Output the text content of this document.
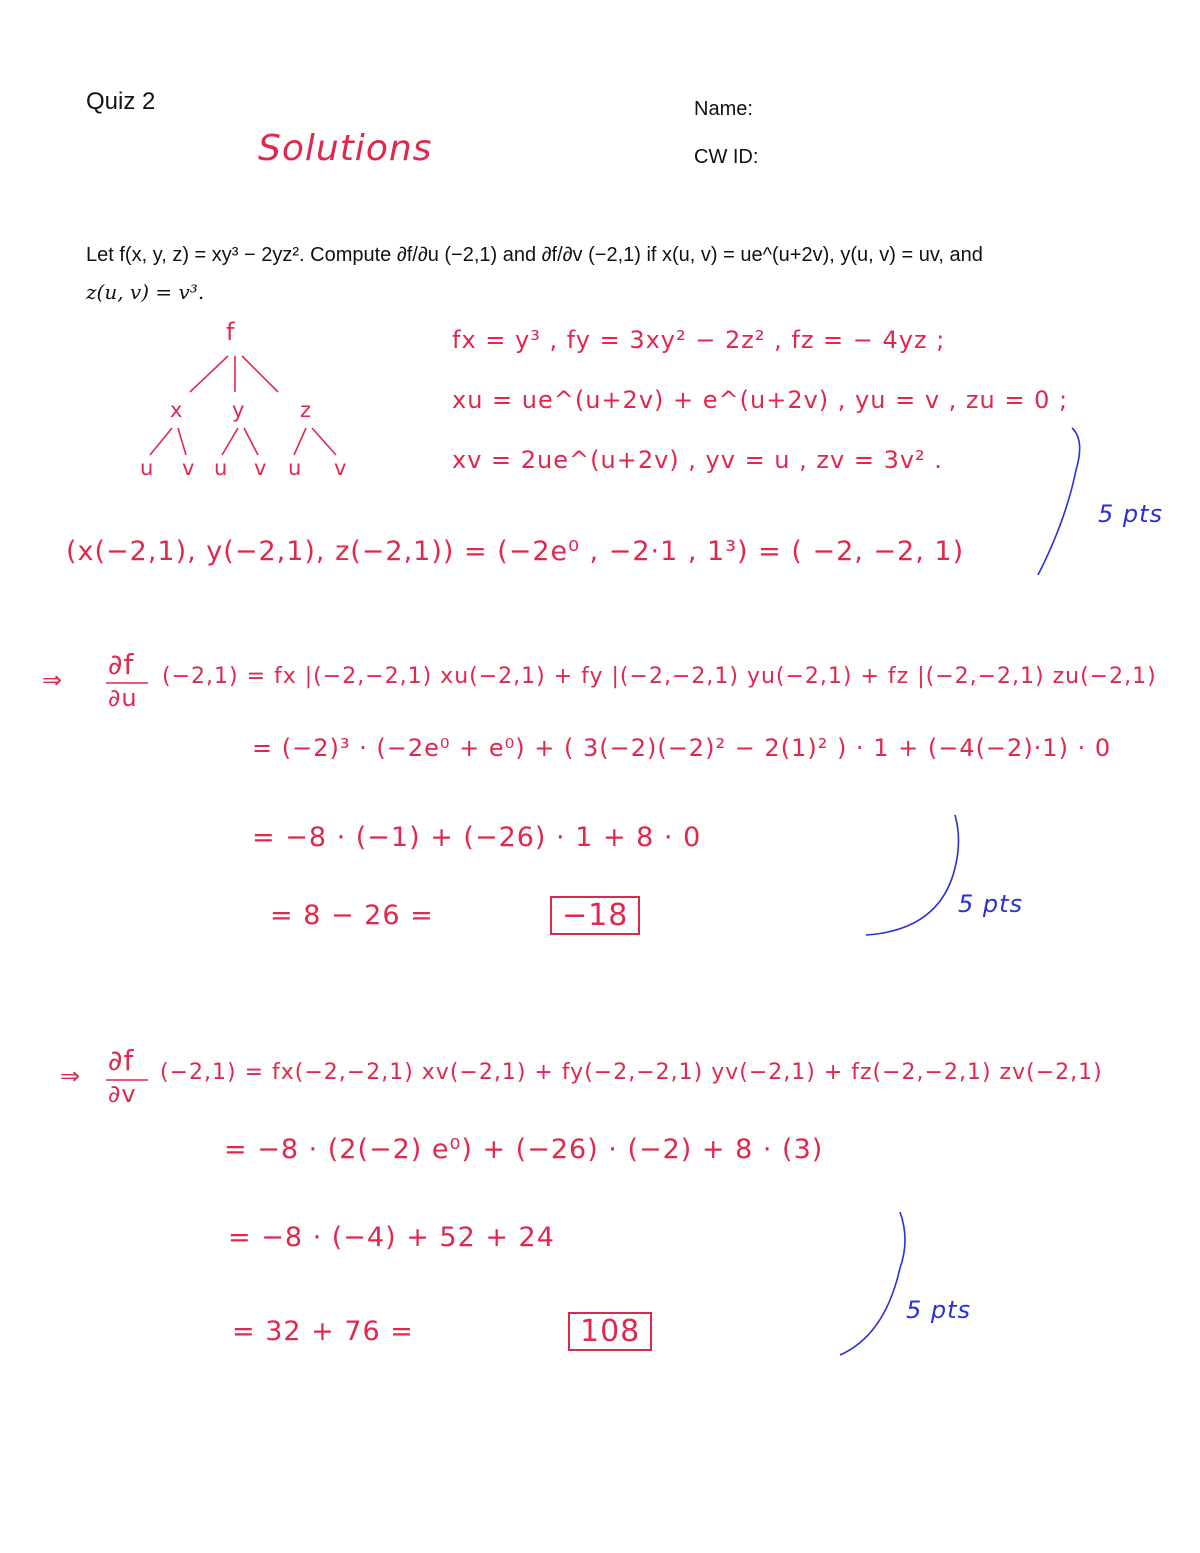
Quiz 2	Name:
CW ID:
Solutions
Let f(x, y, z) = xy³ − 2yz². Compute ∂f/∂u (−2,1) and ∂f/∂v (−2,1) if x(u, v) = ue^(u+2v), y(u, v) = uv, and
z(u, v) = v³.
f
x y	z
u v u v u v
fx = y³ , fy = 3xy² − 2z² , fz = − 4yz ;
xu = ue^(u+2v) + e^(u+2v) , yu = v , zu = 0 ;
xv = 2ue^(u+2v) , yv = u , zv = 3v² .
5 pts
(x(−2,1), y(−2,1), z(−2,1)) = (−2e⁰ , −2·1 , 1³) = ( −2, −2, 1)
⇒ ∂f
∂u
(−2,1) = fx |(−2,−2,1) xu(−2,1) + fy |(−2,−2,1) yu(−2,1) + fz |(−2,−2,1) zu(−2,1)
= (−2)³ · (−2e⁰ + e⁰) + ( 3(−2)(−2)² − 2(1)² ) · 1 + (−4(−2)·1) · 0
= −8 · (−1) + (−26) · 1 + 8 · 0
= 8 − 26 =	−18	5 pts
⇒ ∂f
∂v
(−2,1) = fx(−2,−2,1) xv(−2,1) + fy(−2,−2,1) yv(−2,1) + fz(−2,−2,1) zv(−2,1)
= −8 · (2(−2) e⁰) + (−26) · (−2) + 8 · (3)
= −8 · (−4) + 52 + 24
= 32 + 76 =	108
5 pts
